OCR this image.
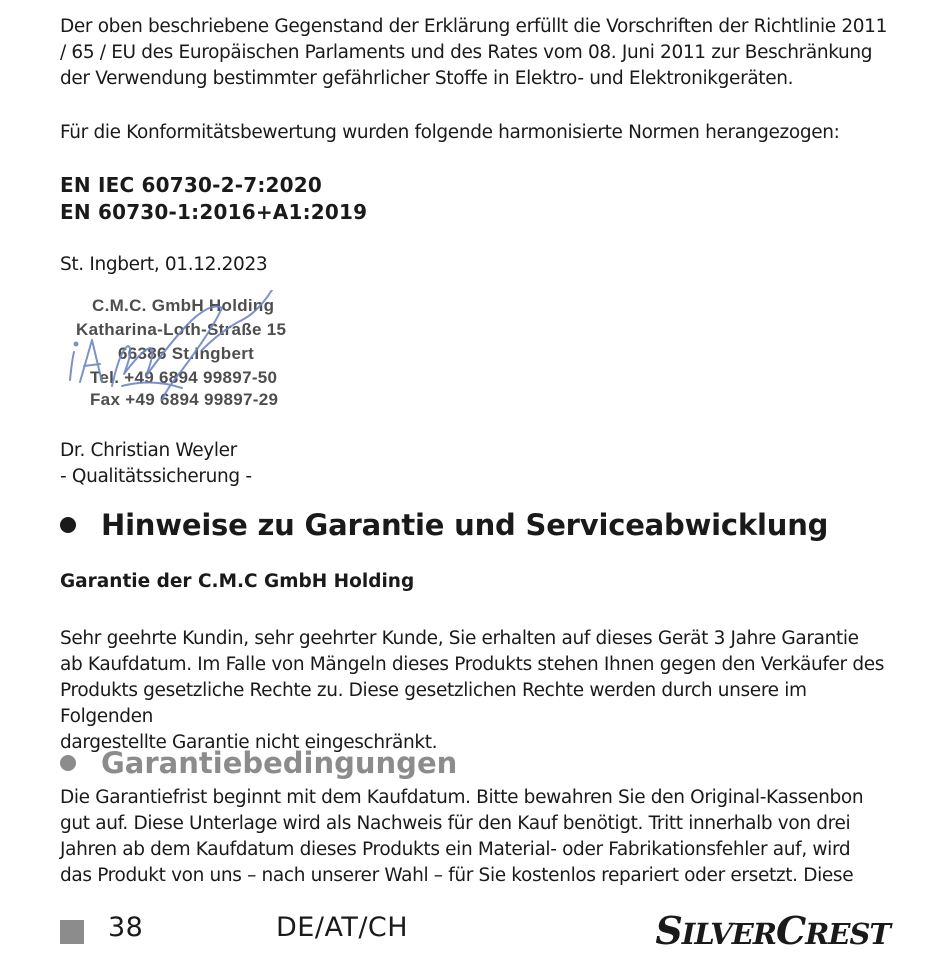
Der oben beschriebene Gegenstand der Erklärung erfüllt die Vorschriften der Richtlinie 2011
/ 65 / EU des Europäischen Parlaments und des Rates vom 08. Juni 2011 zur Beschränkung
der Verwendung bestimmter gefährlicher Stoffe in Elektro- und Elektronikgeräten.

Für die Konformitätsbewertung wurden folgende harmonisierte Normen herangezogen:

EN IEC 60730-2-7:2020
EN 60730-1:2016+A1:2019

St. Ingbert, 01.12.2023

C.M.C. GmbH Holding
Katharina-Loth-Straße 15
66386 St.Ingbert
Tel. +49 6894 99897-50
Fax +49 6894 99897-29

Dr. Christian Weyler

- Qualitätssicherung -

Hinweise zu Garantie und Serviceabwicklung
Garantie der C.M.C GmbH Holding

Sehr geehrte Kundin, sehr geehrter Kunde, Sie erhalten auf dieses Gerät 3 Jahre Garantie
ab Kaufdatum. Im Falle von Mängeln dieses Produkts stehen Ihnen gegen den Verkäufer des
Produkts gesetzliche Rechte zu. Diese gesetzlichen Rechte werden durch unsere im Folgenden
dargestellte Garantie nicht eingeschränkt.

Garantiebedingungen

Die Garantiefrist beginnt mit dem Kaufdatum. Bitte bewahren Sie den Original-Kassenbon
gut auf. Diese Unterlage wird als Nachweis für den Kauf benötigt. Tritt innerhalb von drei
Jahren ab dem Kaufdatum dieses Produkts ein Material- oder Fabrikationsfehler auf, wird
das Produkt von uns – nach unserer Wahl – für Sie kostenlos repariert oder ersetzt. Diese

38	DE/AT/CH	S ILVER C REST
